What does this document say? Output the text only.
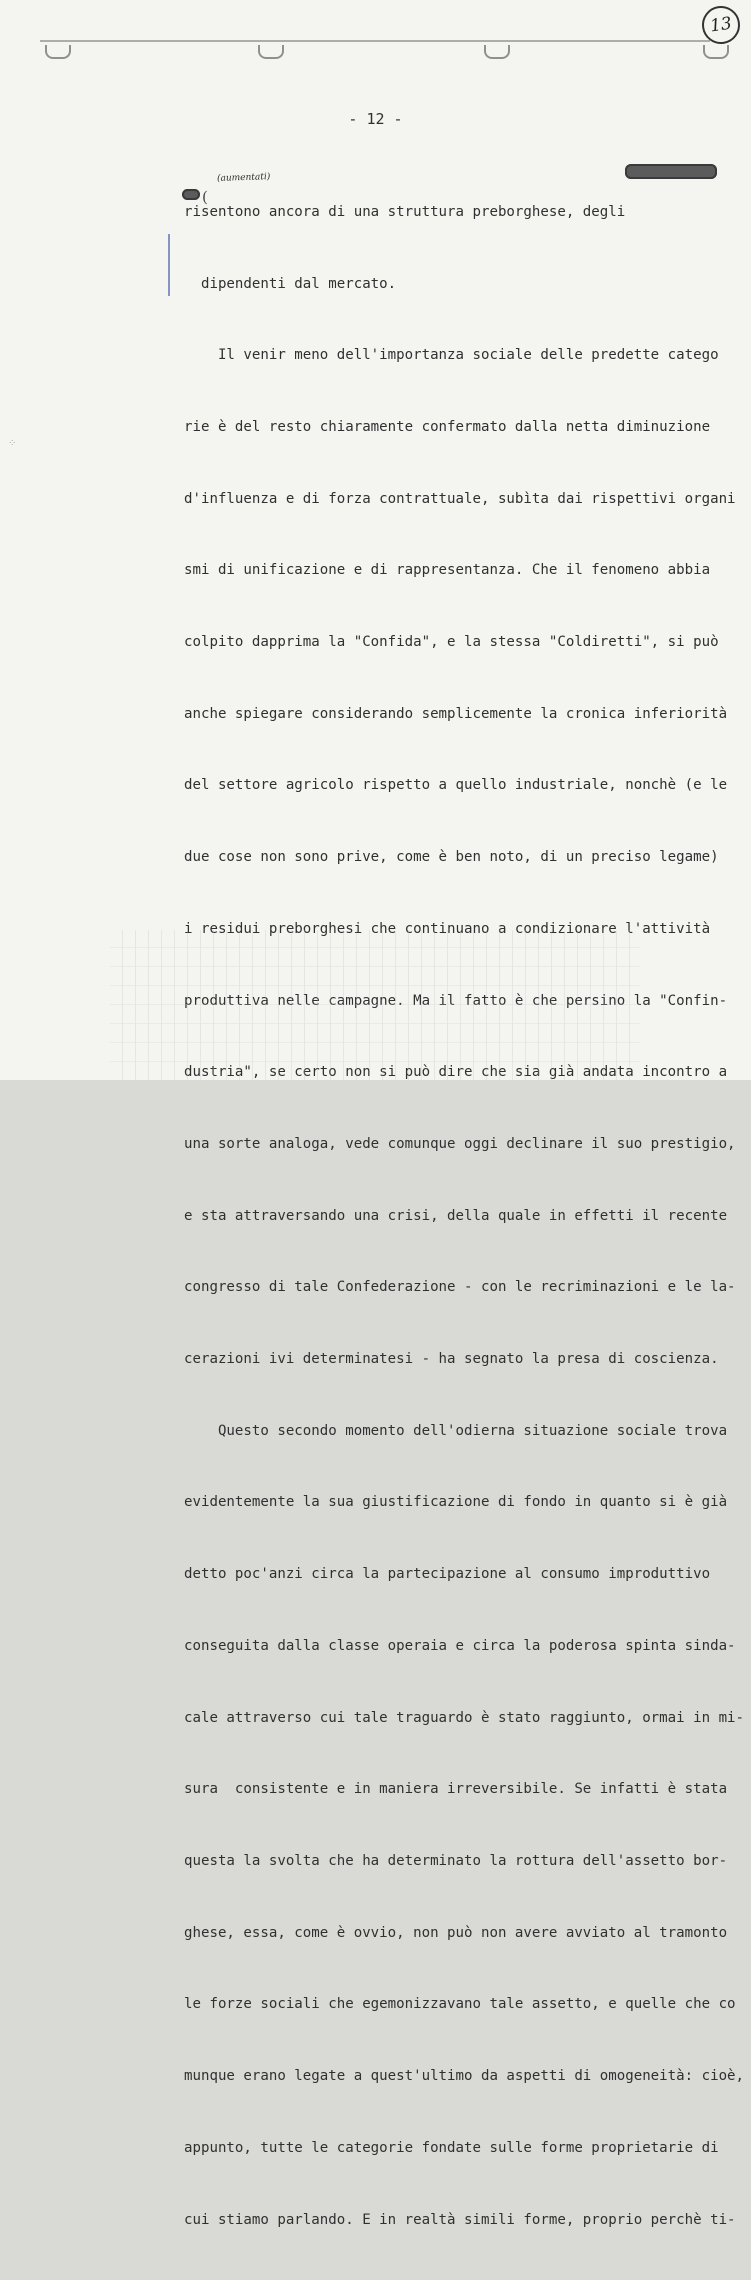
13
- 12 -
(aumentati)
(
⁘

risentono ancora di una struttura preborghese, degli

dipendenti dal mercato.

Il venir meno dell'importanza sociale delle predette catego

rie è del resto chiaramente confermato dalla netta diminuzione

d'influenza e di forza contrattuale, subìta dai rispettivi organi

smi di unificazione e di rappresentanza. Che il fenomeno abbia

colpito dapprima la "Confida", e la stessa "Coldiretti", si può

anche spiegare considerando semplicemente la cronica inferiorità

del settore agricolo rispetto a quello industriale, nonchè (e le

due cose non sono prive, come è ben noto, di un preciso legame)

i residui preborghesi che continuano a condizionare l'attività

produttiva nelle campagne. Ma il fatto è che persino la "Confin-

dustria", se certo non si può dire che sia già andata incontro a

una sorte analoga, vede comunque oggi declinare il suo prestigio,

e sta attraversando una crisi, della quale in effetti il recente

congresso di tale Confederazione - con le recriminazioni e le la-

cerazioni ivi determinatesi - ha segnato la presa di coscienza.

Questo secondo momento dell'odierna situazione sociale trova

evidentemente la sua giustificazione di fondo in quanto si è già

detto poc'anzi circa la partecipazione al consumo improduttivo

conseguita dalla classe operaia e circa la poderosa spinta sinda-

cale attraverso cui tale traguardo è stato raggiunto, ormai in mi-

sura  consistente e in maniera irreversibile. Se infatti è stata

questa la svolta che ha determinato la rottura dell'assetto bor-

ghese, essa, come è ovvio, non può non avere avviato al tramonto

le forze sociali che egemonizzavano tale assetto, e quelle che co

munque erano legate a quest'ultimo da aspetti di omogeneità: cioè,

appunto, tutte le categorie fondate sulle forme proprietarie di

cui stiamo parlando. E in realtà simili forme, proprio perchè ti-
